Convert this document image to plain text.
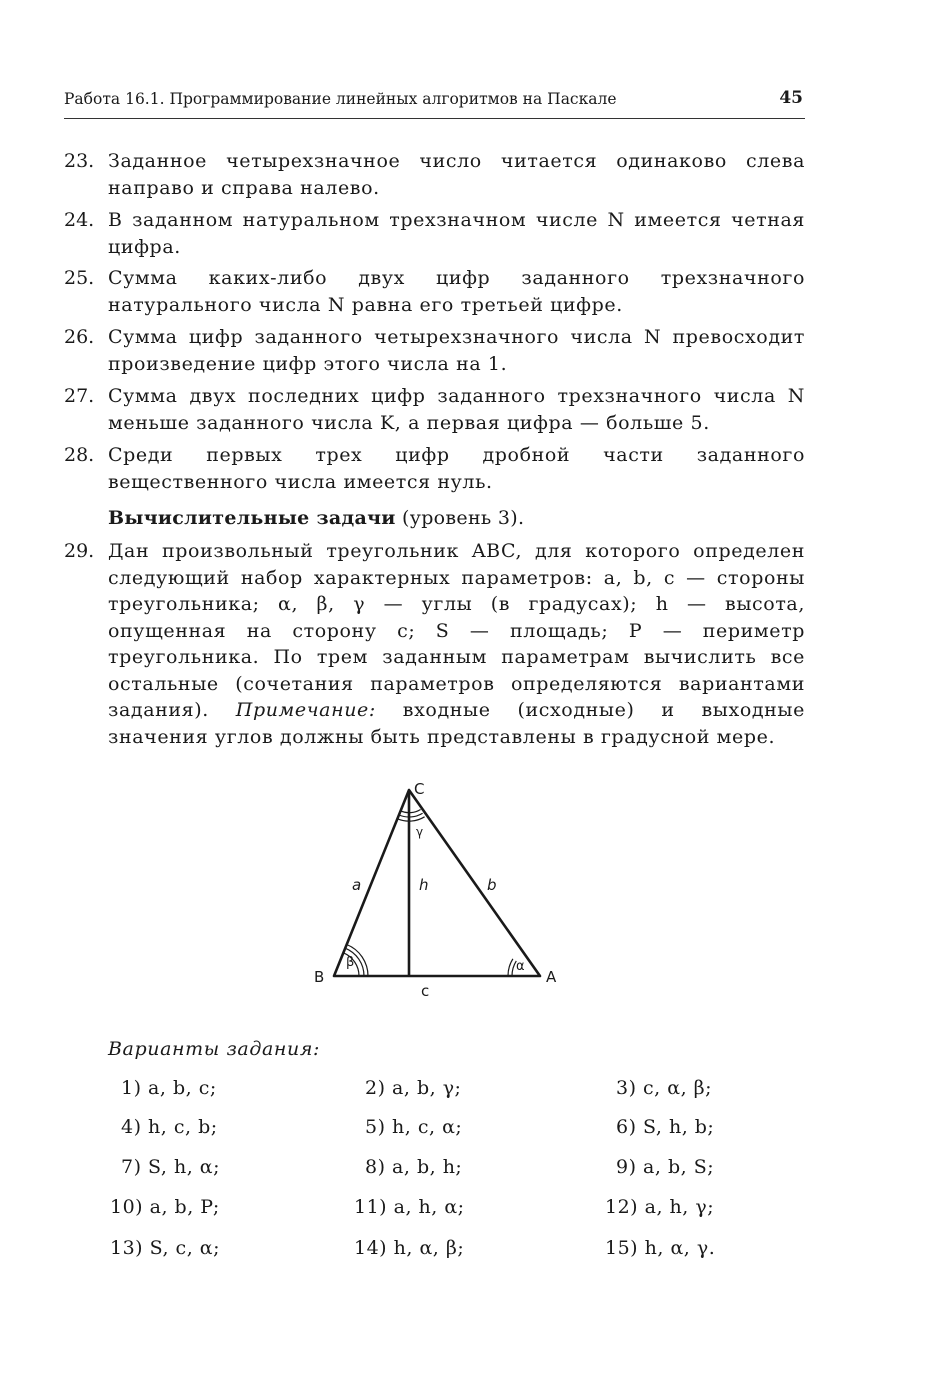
Работа 16.1. Программирование линейных алгоритмов на Паскале	45
23. Заданное четырехзначное число читается одинаково слева направо и справа налево.
24. В заданном натуральном трехзначном числе N имеется четная цифра.
25. Сумма каких-либо двух цифр заданного трехзначного натурального числа N равна его третьей цифре.
26. Сумма цифр заданного четырехзначного числа N превосходит произведение цифр этого числа на 1.
27. Сумма двух последних цифр заданного трехзначного числа N меньше заданного числа K, а первая цифра — больше 5.
28. Среди первых трех цифр дробной части заданного вещественного числа имеется нуль.
Вычислительные задачи (уровень 3).
29. Дан произвольный треугольник ABC, для которого определен следующий набор характерных параметров: a, b, c — стороны треугольника; α, β, γ — углы (в градусах); h — высота, опущенная на сторону c; S — площадь; P — периметр треугольника. По трем заданным параметрам вычислить все остальные (сочетания параметров определяются вариантами задания). Примечание: входные (исходные) и выходные значения углов должны быть представлены в градусной мере.
C
B	A
a	b
c
h
β	α
γ
Варианты задания:
1) a, b, c;	2) a, b, γ;	3) c, α, β;
4) h, c, b;	5) h, c, α;	6) S, h, b;
7) S, h, α;	8) a, b, h;	9) a, b, S;
10) a, b, P;	11) a, h, α;	12) a, h, γ;
13) S, c, α;	14) h, α, β;	15) h, α, γ.
